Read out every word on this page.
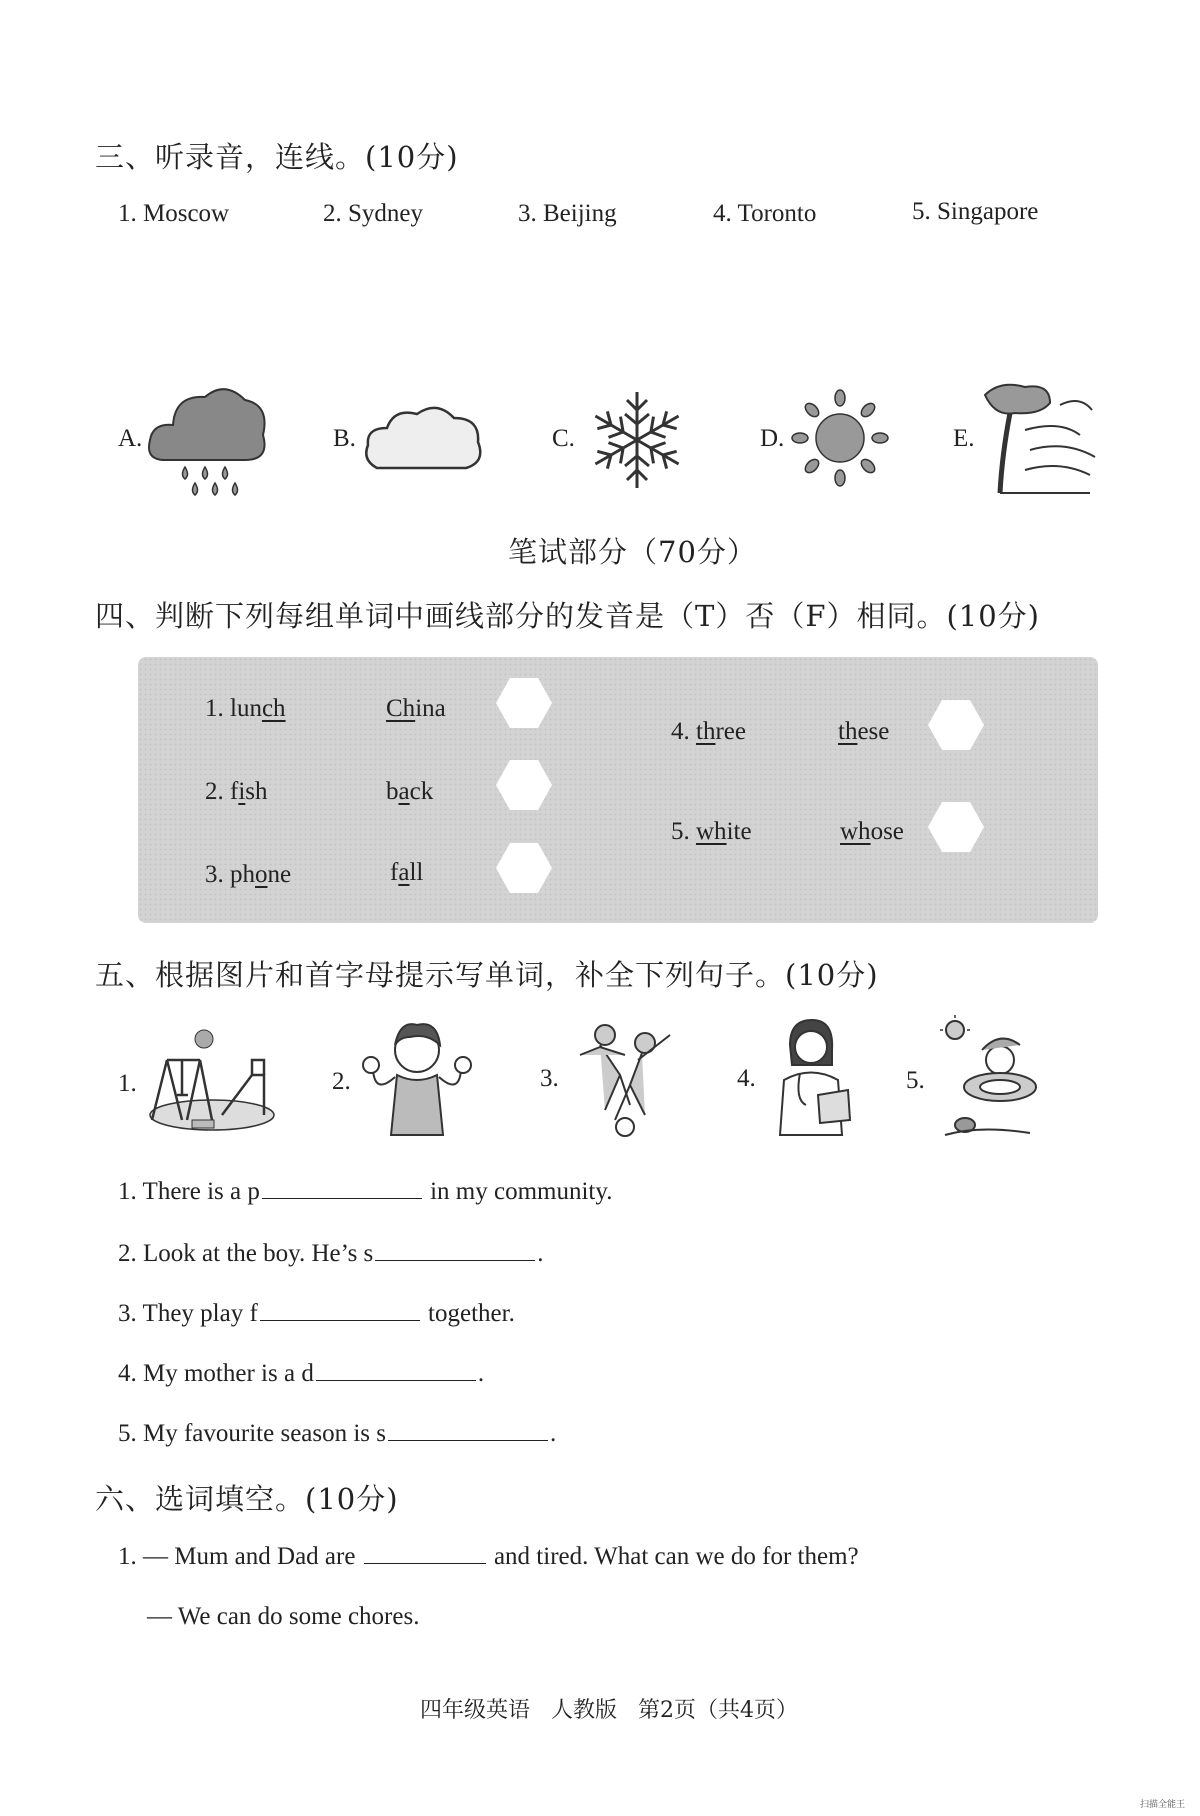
三、听录音，连线。(10分)
1. Moscow	2. Sydney	3. Beijing	4. Toronto	5. Singapore
A.	B.	C.	D.	E.
笔试部分（70分）
四、判断下列每组单词中画线部分的发音是（T）否（F）相同。(10分)
1. lunch	China
2. fish	back
3. phone	fall
4. three	these
5. white	whose
五、根据图片和首字母提示写单词，补全下列句子。(10分)
1.	2.	3.	4.	5.
1. There is a p	in my community.
2. Look at the boy. He’s s	.
3. They play f	together.
4. My mother is a d	.
5. My favourite season is s	.
六、选词填空。(10分)
1. — Mum and Dad are	and tired. What can we do for them?
— We can do some chores.
四年级英语   人教版   第2页（共4页）
扫描全能王
